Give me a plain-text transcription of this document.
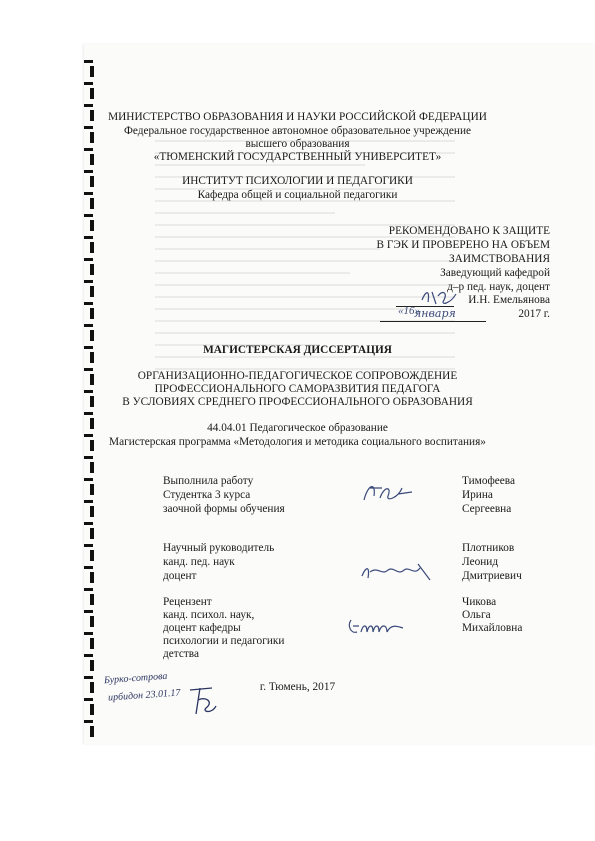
МИНИСТЕРСТВО ОБРАЗОВАНИЯ И НАУКИ РОССИЙСКОЙ ФЕДЕРАЦИИ
Федеральное государственное автономное образовательное учреждение
высшего образования
«ТЮМЕНСКИЙ ГОСУДАРСТВЕННЫЙ УНИВЕРСИТЕТ»
ИНСТИТУТ ПСИХОЛОГИИ И ПЕДАГОГИКИ
Кафедра общей и социальной педагогики
РЕКОМЕНДОВАНО К ЗАЩИТЕ
В ГЭК И ПРОВЕРЕНО НА ОБЪЕМ
ЗАИМСТВОВАНИЯ
Заведующий кафедрой
д–р пед. наук, доцент
И.Н. Емельянова
января
«16»	2017 г.
МАГИСТЕРСКАЯ ДИССЕРТАЦИЯ
ОРГАНИЗАЦИОННО-ПЕДАГОГИЧЕСКОЕ СОПРОВОЖДЕНИЕ
ПРОФЕССИОНАЛЬНОГО САМОРАЗВИТИЯ ПЕДАГОГА
В УСЛОВИЯХ СРЕДНЕГО ПРОФЕССИОНАЛЬНОГО ОБРАЗОВАНИЯ
44.04.01 Педагогическое образование
Магистерская программа «Методология и методика социального воспитания»
Выполнила работу
Студентка 3 курса
заочной формы обучения
Тимофеева
Ирина
Сергеевна
Научный руководитель
канд. пед. наук
доцент
Плотников
Леонид
Дмитриевич
Рецензент
канд. психол. наук,
доцент кафедры
психологии и педагогики
детства
Чикова
Ольга
Михайловна
г. Тюмень, 2017
Бурко-сотрова
ирбидон 23.01.17
